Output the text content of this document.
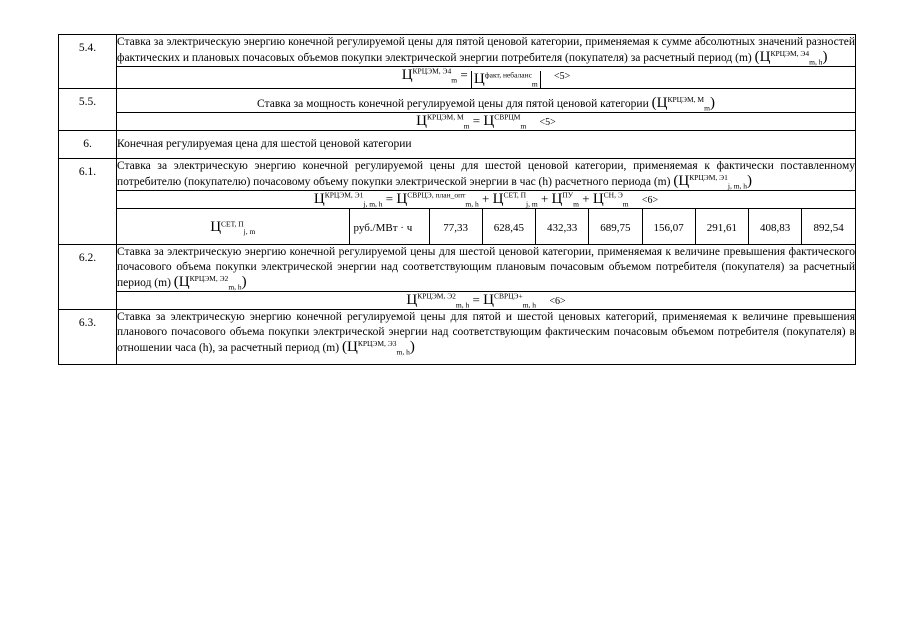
5.4.	Ставка за электрическую энергию конечной регулируемой цены для пятой ценовой категории, применяемая к сумме абсолютных значений разностей фактических и плановых почасовых объемов покупки электрической энергии потребителя (покупателя) за расчетный период (m) $(Ц^{КРЦЭМ, Э4}_{m, h})$
$Ц^{КРЦЭМ, Э4}_m = Ц^{факт, небаланс}_m <5>$
5.5.	Ставка за мощность конечной регулируемой цены для пятой ценовой категории $(Ц^{КРЦЭМ, М}_m)$
$Ц^{КРЦЭМ, М}_m = Ц^{СВРЦМ}_m <5>$
6.	Конечная регулируемая цена для шестой ценовой категории
6.1.	Ставка за электрическую энергию конечной регулируемой цены для шестой ценовой категории, применяемая к фактически поставленному потребителю (покупателю) почасовому объему покупки электрической энергии в час (h) расчетного периода (m) $(Ц^{КРЦЭМ, Э1}_{j, m, h})$
$Ц^{КРЦЭМ, Э1}_{j, m, h} = Ц^{СВРЦЭ, план\_опт}_{m, h} + Ц^{СЕТ, П}_{j, m} + Ц^{ПУ}_m + Ц^{СН, Э}_m <6>$

$Ц^{СЕТ, П}_{j, m}$	руб./МВт · ч	77,33	628,45	432,33	689,75	156,07	291,61	408,83	892,54

6.2.	Ставка за электрическую энергию конечной регулируемой цены для шестой ценовой категории, применяемая к величине превышения фактического почасового объема покупки электрической энергии над соответствующим плановым почасовым объемом потребителя (покупателя) за расчетный период (m) $(Ц^{КРЦЭМ, Э2}_{m, h})$
$Ц^{КРЦЭМ, Э2}_{m, h} = Ц^{СВРЦЭ+}_{m, h} <6>$
6.3.	Ставка за электрическую энергию конечной регулируемой цены для пятой и шестой ценовых категорий, применяемая к величине превышения планового почасового объема покупки электрической энергии над соответствующим фактическим почасовым объемом потребителя (покупателя) в отношении часа (h), за расчетный период (m) $(Ц^{КРЦЭМ, Э3}_{m, h})$
